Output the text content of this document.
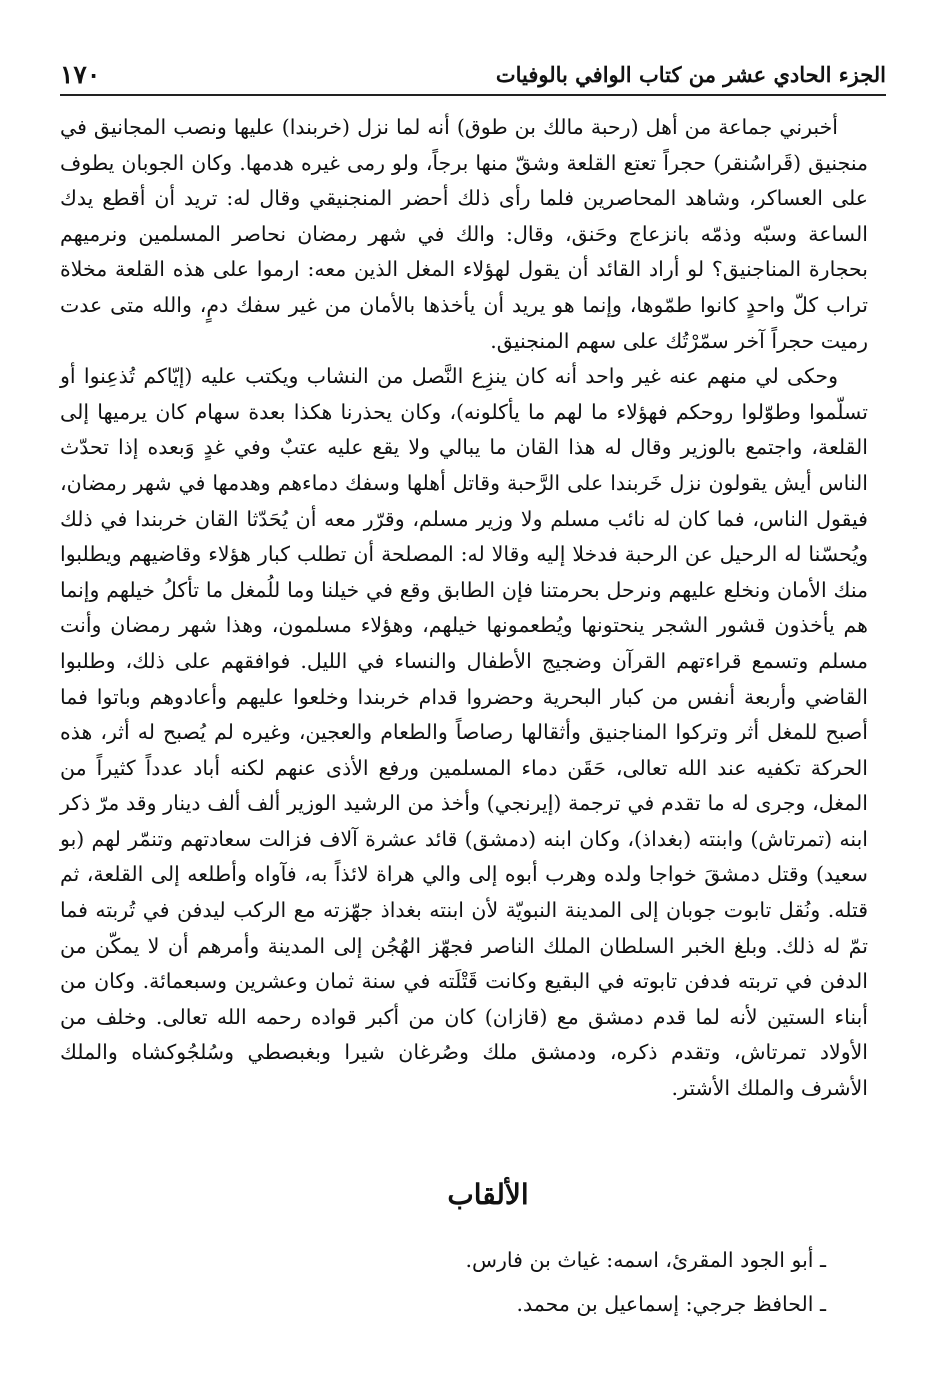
الجزء الحادي عشر من كتاب الوافي بالوفيات
١٧٠

أخبرني جماعة من أهل (رحبة مالك بن طوق) أنه لما نزل (خربندا) عليها ونصب المجانيق في منجنيق (قَراسُنقر) حجراً تعتع القلعة وشقّ منها برجاً، ولو رمى غيره هدمها. وكان الجوبان يطوف على العساكر، وشاهد المحاصرين فلما رأى ذلك أحضر المنجنيقي وقال له: تريد أن أقطع يدك الساعة وسبّه وذمّه بانزعاج وحَنق، وقال: والك في شهر رمضان نحاصر المسلمين ونرميهم بحجارة المناجنيق؟ لو أراد القائد أن يقول لهؤلاء المغل الذين معه: ارموا على هذه القلعة مخلاة تراب كلّ واحدٍ كانوا طمّوها، وإنما هو يريد أن يأخذها بالأمان من غير سفك دمٍ، والله متى عدت رميت حجراً آخر سمّرْتُك على سهم المنجنيق.

وحكى لي منهم عنه غير واحد أنه كان ينزِع النَّصل من النشاب ويكتب عليه (إيّاكم تُذعِنوا أو تسلّموا وطوّلوا روحكم فهؤلاء ما لهم ما يأكلونه)، وكان يحذرنا هكذا بعدة سهام كان يرميها إلى القلعة، واجتمع بالوزير وقال له هذا القان ما يبالي ولا يقع عليه عتبٌ وفي غدٍ وَبعده إذا تحدّث الناس أيش يقولون نزل خَربندا على الرَّحبة وقاتل أهلها وسفك دماءهم وهدمها في شهر رمضان، فيقول الناس، فما كان له نائب مسلم ولا وزير مسلم، وقرّر معه أن يُحَدّثا القان خربندا في ذلك ويُحسّنا له الرحيل عن الرحبة فدخلا إليه وقالا له: المصلحة أن تطلب كبار هؤلاء وقاضيهم ويطلبوا منك الأمان ونخلع عليهم ونرحل بحرمتنا فإن الطابق وقع في خيلنا وما للُمغل ما تأكلُ خيلهم وإنما هم يأخذون قشور الشجر ينحتونها ويُطعمونها خيلهم، وهؤلاء مسلمون، وهذا شهر رمضان وأنت مسلم وتسمع قراءتهم القرآن وضجيج الأطفال والنساء في الليل. فوافقهم على ذلك، وطلبوا القاضي وأربعة أنفس من كبار البحرية وحضروا قدام خربندا وخلعوا عليهم وأعادوهم وباتوا فما أصبح للمغل أثر وتركوا المناجنيق وأثقالها رصاصاً والطعام والعجين، وغيره لم يُصبح له أثر، هذه الحركة تكفيه عند الله تعالى، حَقَن دماء المسلمين ورفع الأذى عنهم لكنه أباد عدداً كثيراً من المغل، وجرى له ما تقدم في ترجمة (إيرنجي) وأخذ من الرشيد الوزير ألف ألف دينار وقد مرّ ذكر ابنه (تمرتاش) وابنته (بغداذ)، وكان ابنه (دمشق) قائد عشرة آلاف فزالت سعادتهم وتنمّر لهم (بو سعيد) وقتل دمشقَ خواجا ولده وهرب أبوه إلى والي هراة لائذاً به، فآواه وأطلعه إلى القلعة، ثم قتله. ونُقل تابوت جوبان إلى المدينة النبويّة لأن ابنته بغداذ جهّزته مع الركب ليدفن في تُربته فما تمّ له ذلك. وبلغ الخبر السلطان الملك الناصر فجهّز الهُجُن إلى المدينة وأمرهم أن لا يمكّن من الدفن في تربته فدفن تابوته في البقيع وكانت قَتْلَته في سنة ثمان وعشرين وسبعمائة. وكان من أبناء الستين لأنه لما قدم دمشق مع (قازان) كان من أكبر قواده رحمه الله تعالى. وخلف من الأولاد تمرتاش، وتقدم ذكره، ودمشق ملك وصُرغان شيرا وبغبصطي وسُلجُوكشاه والملك الأشرف والملك الأشتر.

الألقاب
ـ أبو الجود المقرئ، اسمه: غياث بن فارس.
ـ الحافظ جرجي: إسماعيل بن محمد.
